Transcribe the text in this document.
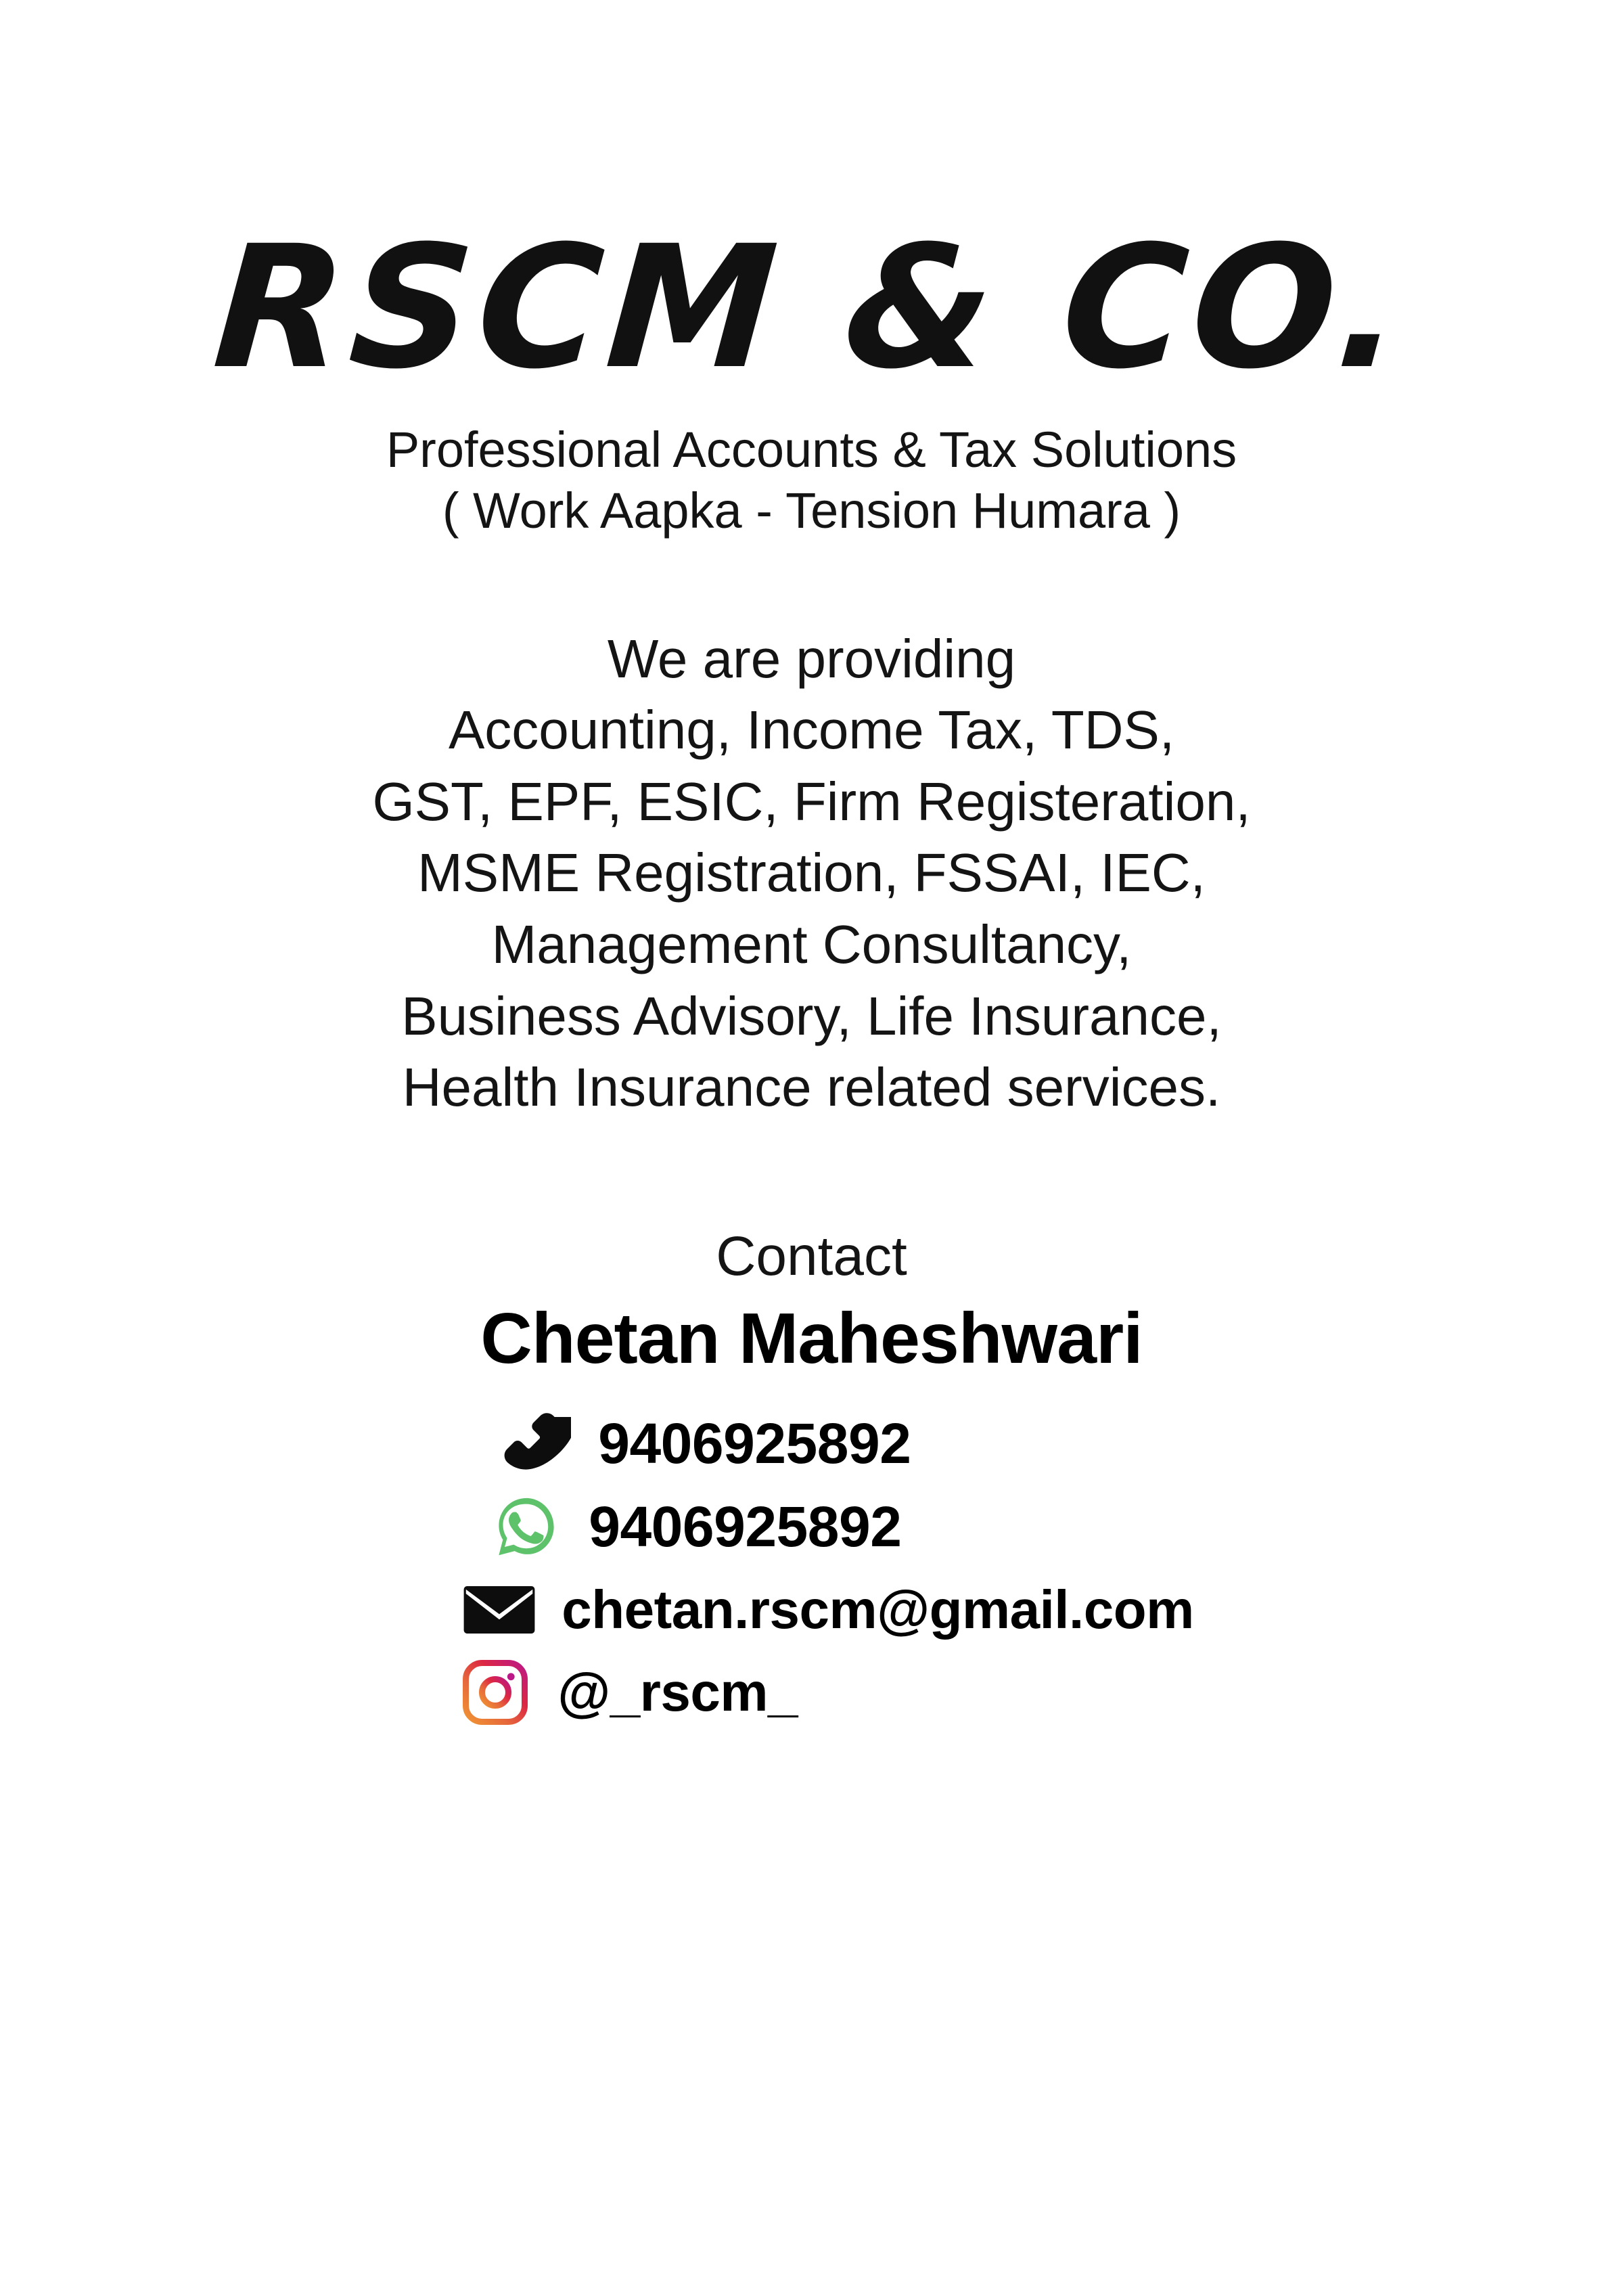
RSCM & CO.
Professional Accounts & Tax Solutions
( Work Aapka - Tension Humara )
We are providing
Accounting, Income Tax, TDS,
GST, EPF, ESIC, Firm Registeration,
MSME Registration, FSSAI, IEC,
Management Consultancy,
Business Advisory, Life Insurance,
Health Insurance related services.
Contact
Chetan Maheshwari
9406925892
9406925892
chetan.rscm@gmail.com
@_rscm_
